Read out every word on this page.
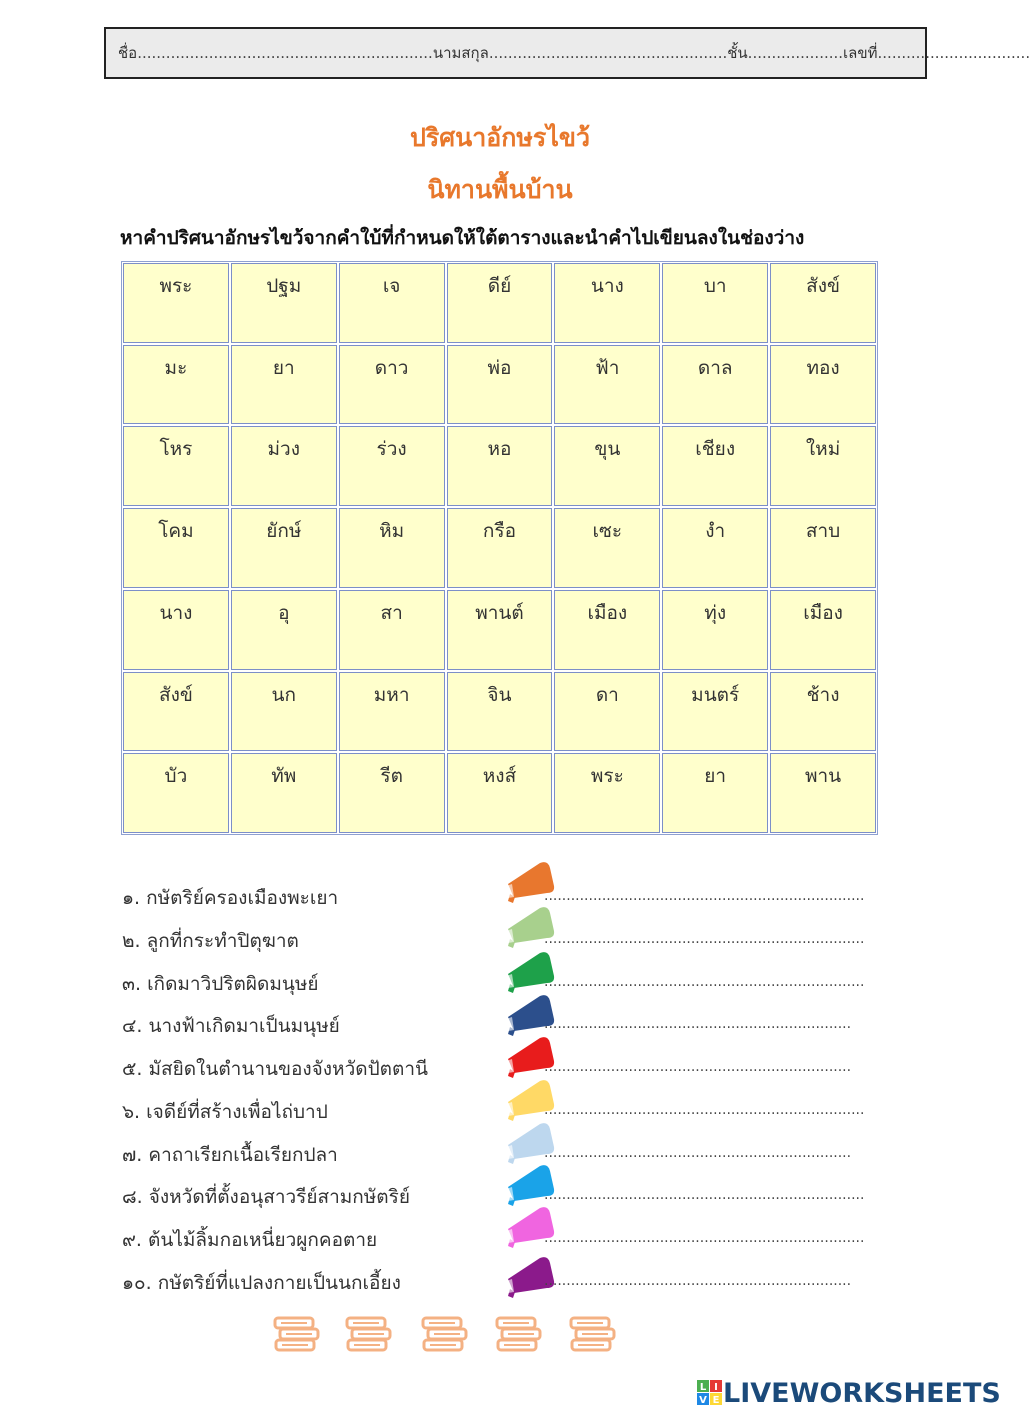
ชื่อ .............................................................. นามสกุล .................................................. ชั้น .................... เลขที่ ................................
ปริศนาอักษรไขว้
นิทานพื้นบ้าน
หาคำปริศนาอักษรไขว้จากคำใบ้ที่กำหนดให้ใต้ตารางและนำคำไปเขียนลงในช่องว่าง
พระ	ปฐม	เจ	ดีย์	นาง	บา	สังข์
มะ	ยา	ดาว	พ่อ	ฟ้า	ดาล	ทอง
โหร	ม่วง	ร่วง	หอ	ขุน	เชียง	ใหม่
โคม	ยักษ์	หิม	กรือ	เซะ	งำ	สาบ
นาง	อุ	สา	พานต์	เมือง	ทุ่ง	เมือง
สังข์	นก	มหา	จิน	ดา	มนตร์	ช้าง
บัว	ทัพ	รีต	หงส์	พระ	ยา	พาน
๑. กษัตริย์ครองเมืองพะเยา	........................................................................
๒. ลูกที่กระทำปิตุฆาต	........................................................................
๓. เกิดมาวิปริตผิดมนุษย์	........................................................................
๔. นางฟ้าเกิดมาเป็นมนุษย์	.....................................................................
๕. มัสยิดในตำนานของจังหวัดปัตตานี	.....................................................................
๖. เจดีย์ที่สร้างเพื่อไถ่บาป	........................................................................
๗. คาถาเรียกเนื้อเรียกปลา	.....................................................................
๘. จังหวัดที่ตั้งอนุสาวรีย์สามกษัตริย์	........................................................................
๙. ต้นไม้ลิ้มกอเหนี่ยวผูกคอตาย	........................................................................
๑๐. กษัตริย์ที่แปลงกายเป็นนกเอี้ยง	.....................................................................
L I
V E LIVEWORKSHEETS
